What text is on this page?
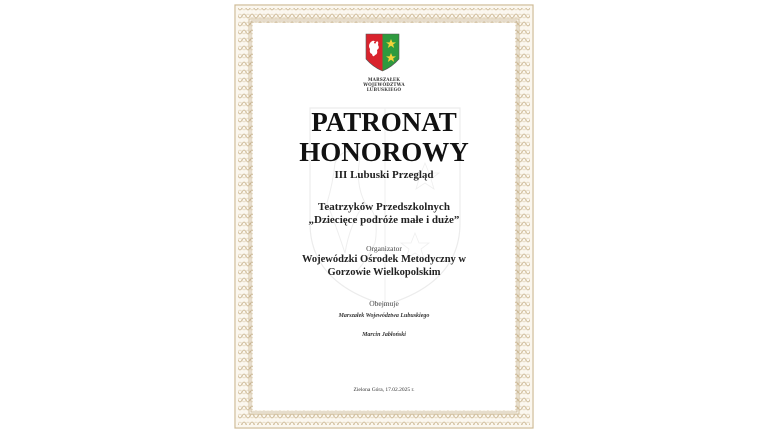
MARSZAŁEK
WOJEWÓDZTWA
LUBUSKIEGO
PATRONAT
HONOROWY
III Lubuski Przegląd
Teatrzyków Przedszkolnych
„Dziecięce podróże małe i duże”
Organizator
Wojewódzki Ośrodek Metodyczny w
Gorzowie Wielkopolskim
Obejmuje
Marszałek Województwa Lubuskiego
Marcin Jabłoński
Zielona Góra, 17.02.2025 r.
